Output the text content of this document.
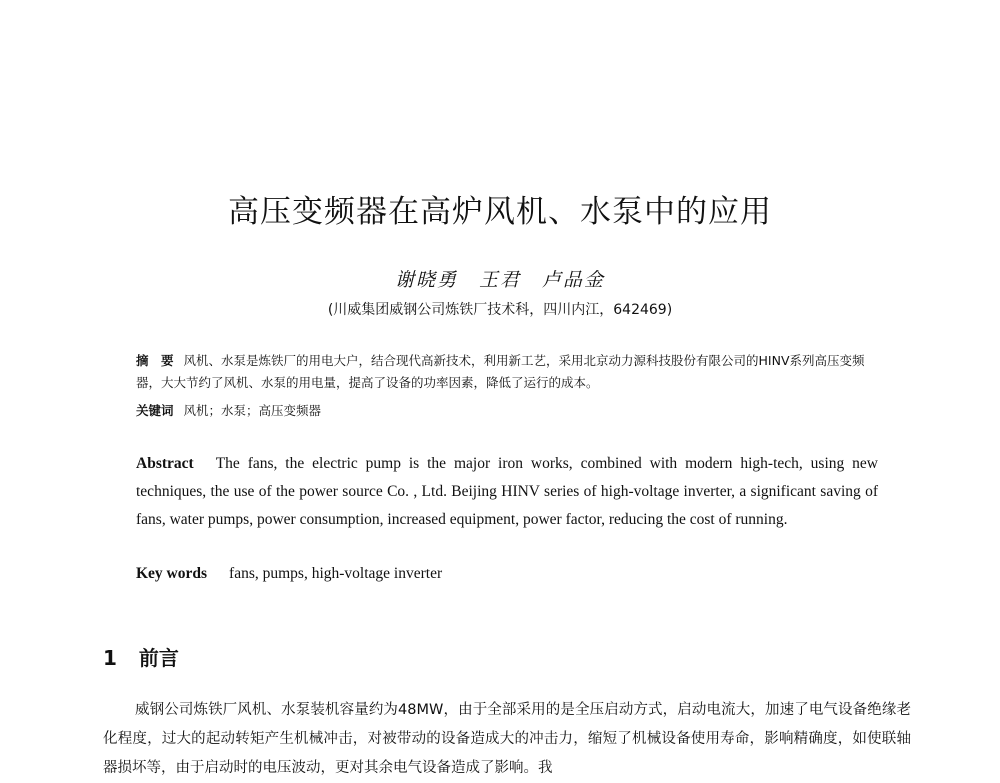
高压变频器在高炉风机、水泵中的应用
谢晓勇　王君　卢品金
(川威集团威钢公司炼铁厂技术科，四川内江，642469)
摘　要 风机、水泵是炼铁厂的用电大户，结合现代高新技术，利用新工艺，采用北京动力源科技股份有限公司的HINV系列高压变频器，大大节约了风机、水泵的用电量，提高了设备的功率因素，降低了运行的成本。
关键词 风机；水泵；高压变频器
Abstract The fans, the electric pump is the major iron works, combined with modern high-tech, using new techniques, the use of the power source Co. , Ltd. Beijing HINV series of high-voltage inverter, a significant saving of fans, water pumps, power consumption, increased equipment, power factor, reducing the cost of running.
Key words fans, pumps, high-voltage inverter
1 前言

威钢公司炼铁厂风机、水泵装机容量约为48MW，由于全部采用的是全压启动方式，启动电流大，加速了电气设备绝缘老化程度，过大的起动转矩产生机械冲击，对被带动的设备造成大的冲击力，缩短了机械设备使用寿命，影响精确度，如使联轴器损坏等，由于启动时的电压波动，更对其余电气设备造成了影响。我
